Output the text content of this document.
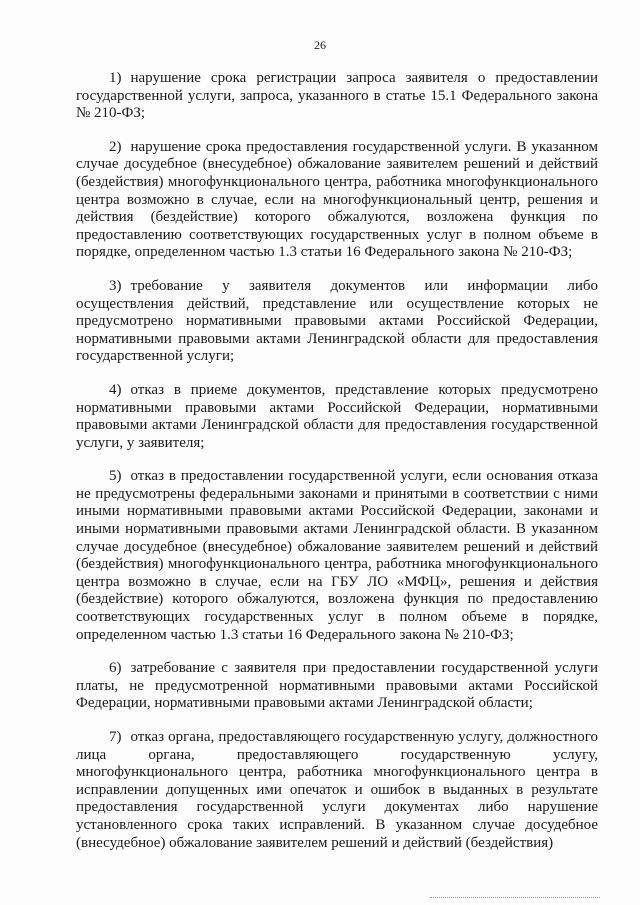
26

1) нарушение срока регистрации запроса заявителя о предоставлении государственной услуги, запроса, указанного в статье 15.1 Федерального закона № 210-ФЗ;

2) нарушение срока предоставления государственной услуги. В указанном случае досудебное (внесудебное) обжалование заявителем решений и действий (бездействия) многофункционального центра, работника многофункционального центра возможно в случае, если на многофункциональный центр, решения и действия (бездействие) которого обжалуются, возложена функция по предоставлению соответствующих государственных услуг в полном объеме в порядке, определенном частью 1.3 статьи 16 Федерального закона № 210-ФЗ;

3) требование у заявителя документов или информации либо осуществления действий, представление или осуществление которых не предусмотрено нормативными правовыми актами Российской Федерации, нормативными правовыми актами Ленинградской области для предоставления государственной услуги;

4) отказ в приеме документов, представление которых предусмотрено нормативными правовыми актами Российской Федерации, нормативными правовыми актами Ленинградской области для предоставления государственной услуги, у заявителя;

5) отказ в предоставлении государственной услуги, если основания отказа не предусмотрены федеральными законами и принятыми в соответствии с ними иными нормативными правовыми актами Российской Федерации, законами и иными нормативными правовыми актами Ленинградской области. В указанном случае досудебное (внесудебное) обжалование заявителем решений и действий (бездействия) многофункционального центра, работника многофункционального центра возможно в случае, если на ГБУ ЛО «МФЦ», решения и действия (бездействие) которого обжалуются, возложена функция по предоставлению соответствующих государственных услуг в полном объеме в порядке, определенном частью 1.3 статьи 16 Федерального закона № 210-ФЗ;

6) затребование с заявителя при предоставлении государственной услуги платы, не предусмотренной нормативными правовыми актами Российской Федерации, нормативными правовыми актами Ленинградской области;

7) отказ органа, предоставляющего государственную услугу, должностного лица органа, предоставляющего государственную услугу, многофункционального центра, работника многофункционального центра в исправлении допущенных ими опечаток и ошибок в выданных в результате предоставления государственной услуги документах либо нарушение установленного срока таких исправлений. В указанном случае досудебное (внесудебное) обжалование заявителем решений и действий (бездействия)
